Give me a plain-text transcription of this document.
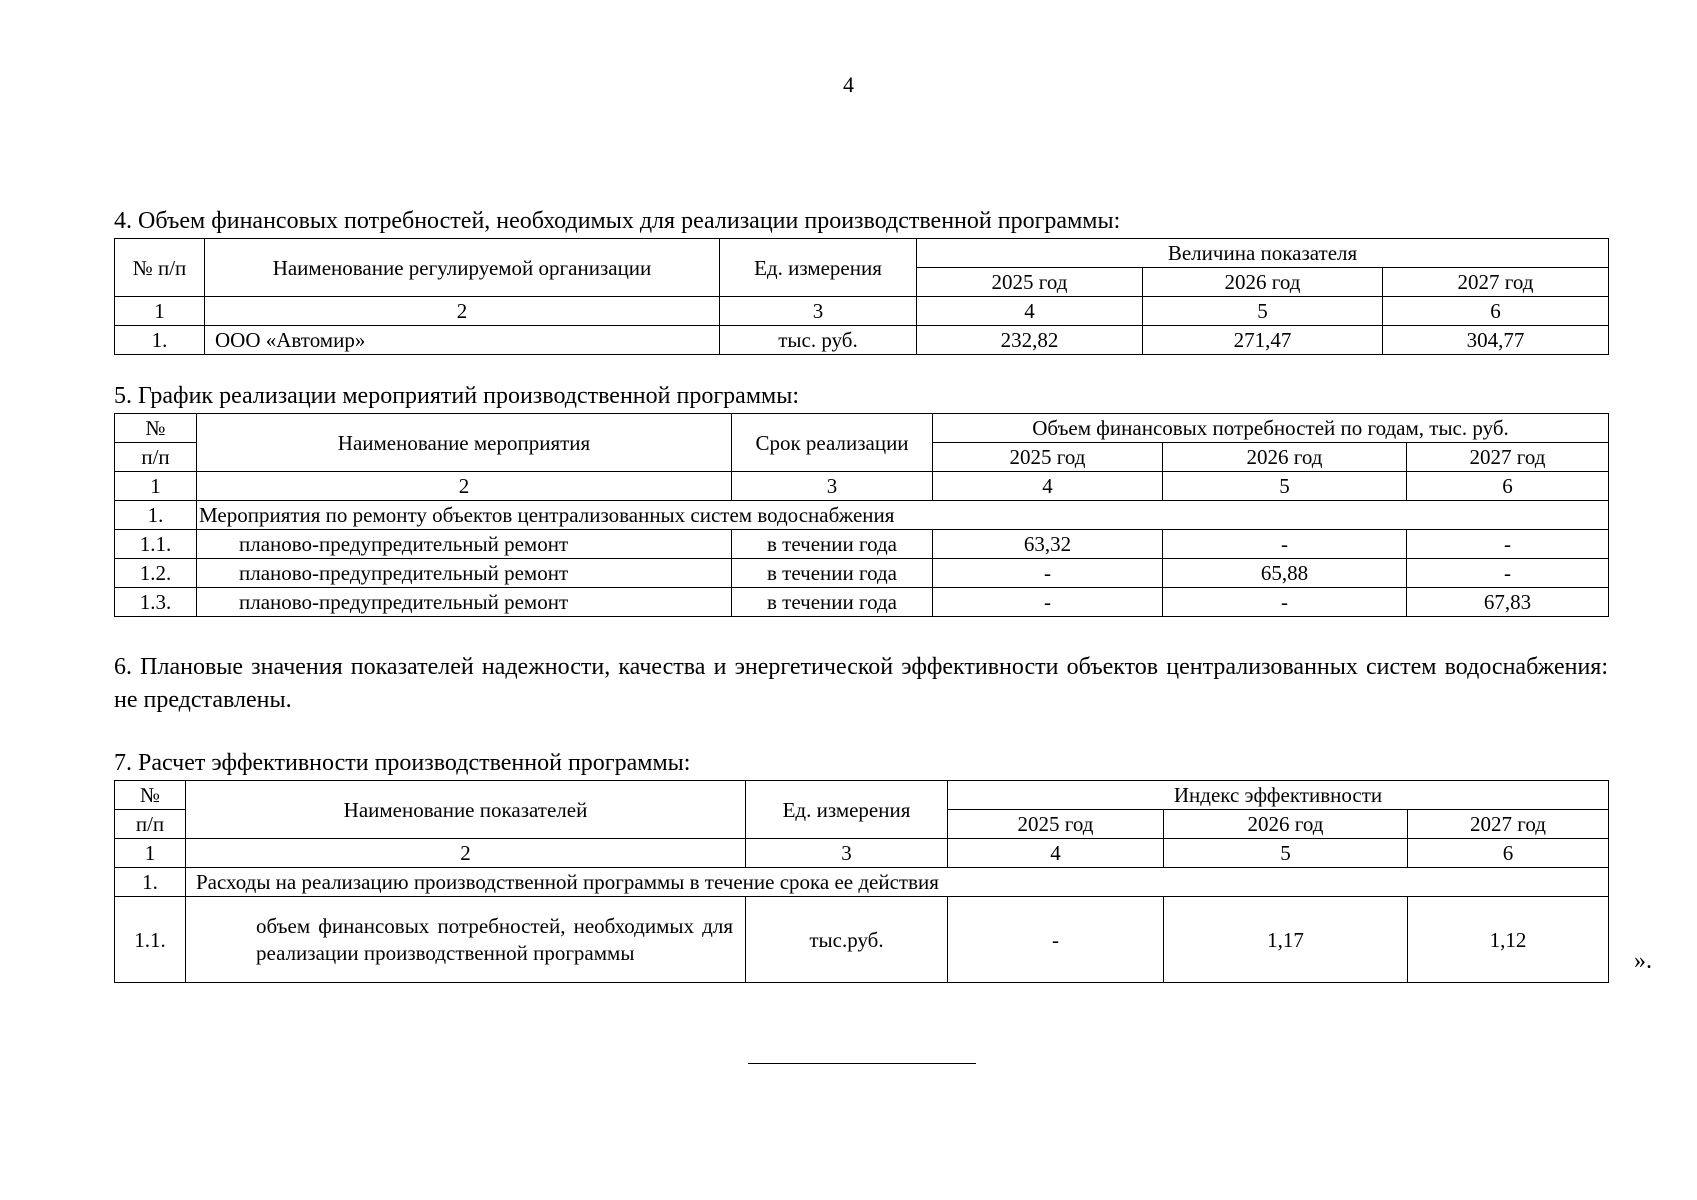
4
4. Объем финансовых потребностей, необходимых для реализации производственной программы:
№ п/п	Наименование регулируемой организации	Ед. измерения	Величина показателя		
			2025 год	2026 год	2027 год
1	2	3	4	5	6
1.	ООО «Автомир»	тыс. руб.	232,82	271,47	304,77
5. График реализации мероприятий производственной программы:
№	Наименование мероприятия	Срок реализации	Объем финансовых потребностей по годам, тыс. руб.		
п/п			2025 год	2026 год	2027 год
1	2	3	4	5	6
1.	Мероприятия по ремонту объектов централизованных систем водоснабжения				
1.1.	планово-предупредительный ремонт	в течении года	63,32	-	-
1.2.	планово-предупредительный ремонт	в течении года	-	65,88	-
1.3.	планово-предупредительный ремонт	в течении года	-	-	67,83
6. Плановые значения показателей надежности, качества и энергетической эффективности объектов централизованных систем водоснабжения: не представлены.
7. Расчет эффективности производственной программы:
№	Наименование показателей	Ед. измерения	Индекс эффективности		
п/п			2025 год	2026 год	2027 год
1	2	3	4	5	6
1.	Расходы на реализацию производственной программы в течение срока ее действия				
1.1.	объем финансовых потребностей, необходимых для реализации производственной программы	тыс.руб.	-	1,17	1,12
».
